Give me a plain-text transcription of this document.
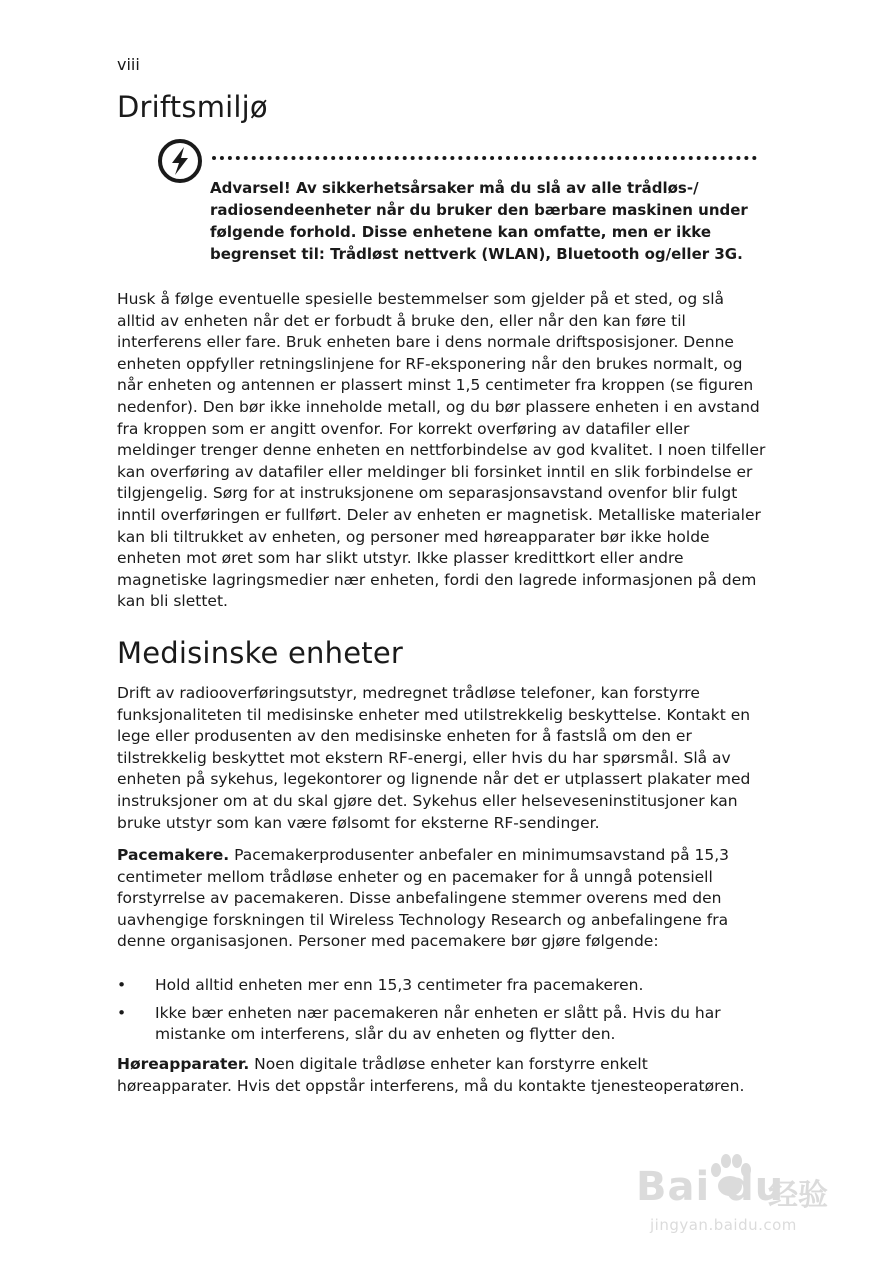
viii
Driftsmiljø
Advarsel! Av sikkerhetsårsaker må du slå av alle trådløs-/ radiosendeenheter når du bruker den bærbare maskinen under følgende forhold. Disse enhetene kan omfatte, men er ikke begrenset til: Trådløst nettverk (WLAN), Bluetooth og/eller 3G.

Husk å følge eventuelle spesielle bestemmelser som gjelder på et sted, og slå alltid av enheten når det er forbudt å bruke den, eller når den kan føre til interferens eller fare. Bruk enheten bare i dens normale driftsposisjoner. Denne enheten oppfyller retningslinjene for RF-eksponering når den brukes normalt, og når enheten og antennen er plassert minst 1,5 centimeter fra kroppen (se figuren nedenfor). Den bør ikke inneholde metall, og du bør plassere enheten i en avstand fra kroppen som er angitt ovenfor. For korrekt overføring av datafiler eller meldinger trenger denne enheten en nettforbindelse av god kvalitet. I noen tilfeller kan overføring av datafiler eller meldinger bli forsinket inntil en slik forbindelse er tilgjengelig. Sørg for at instruksjonene om separasjonsavstand ovenfor blir fulgt inntil overføringen er fullført. Deler av enheten er magnetisk. Metalliske materialer kan bli tiltrukket av enheten, og personer med høreapparater bør ikke holde enheten mot øret som har slikt utstyr. Ikke plasser kredittkort eller andre magnetiske lagringsmedier nær enheten, fordi den lagrede informasjonen på dem kan bli slettet.

Medisinske enheter

Drift av radiooverføringsutstyr, medregnet trådløse telefoner, kan forstyrre funksjonaliteten til medisinske enheter med utilstrekkelig beskyttelse. Kontakt en lege eller produsenten av den medisinske enheten for å fastslå om den er tilstrekkelig beskyttet mot ekstern RF-energi, eller hvis du har spørsmål. Slå av enheten på sykehus, legekontorer og lignende når det er utplassert plakater med instruksjoner om at du skal gjøre det. Sykehus eller helseveseninstitusjoner kan bruke utstyr som kan være følsomt for eksterne RF-sendinger.

Pacemakere. Pacemakerprodusenter anbefaler en minimumsavstand på 15,3 centimeter mellom trådløse enheter og en pacemaker for å unngå potensiell forstyrrelse av pacemakeren. Disse anbefalingene stemmer overens med den uavhengige forskningen til Wireless Technology Research og anbefalingene fra denne organisasjonen. Personer med pacemakere bør gjøre følgende:

• Hold alltid enheten mer enn 15,3 centimeter fra pacemakeren.
• Ikke bær enheten nær pacemakeren når enheten er slått på. Hvis du har mistanke om interferens, slår du av enheten og flytter den.

Høreapparater. Noen digitale trådløse enheter kan forstyrre enkelt høreapparater. Hvis det oppstår interferens, må du kontakte tjenesteoperatøren.

Bai du
经验
jingyan.baidu.com
